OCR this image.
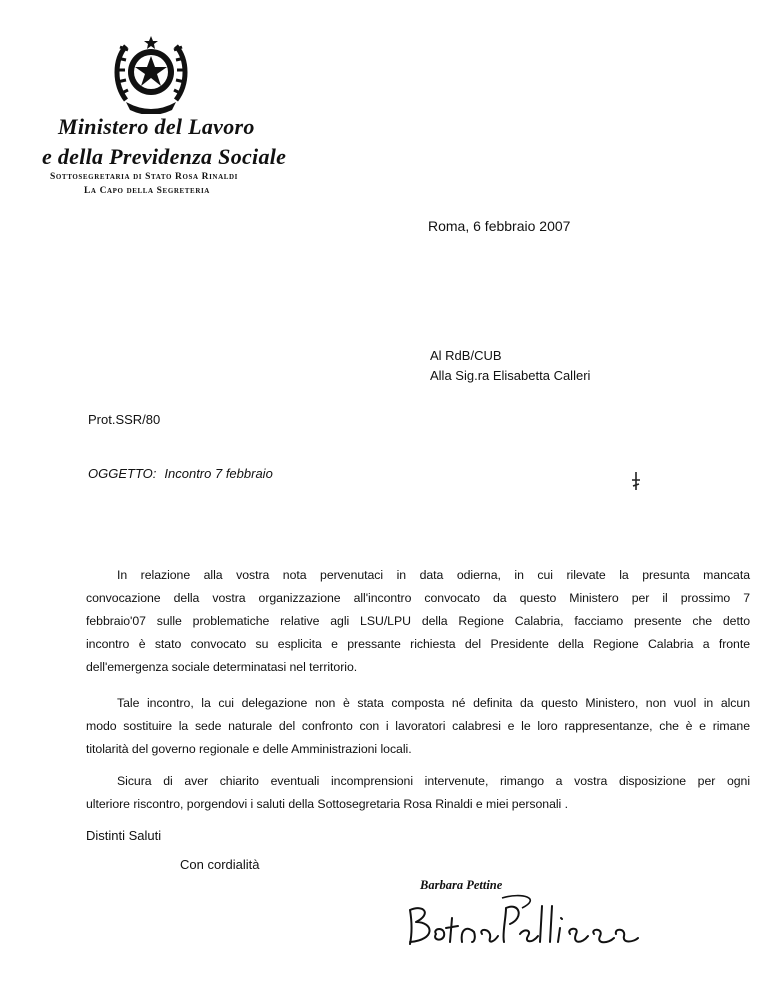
Ministero del Lavoro
e della Previdenza Sociale
Sottosegretaria di Stato Rosa Rinaldi
La Capo della Segreteria
Roma, 6 febbraio 2007
Al RdB/CUB
Alla Sig.ra Elisabetta Calleri
Prot.SSR/80
OGGETTO: Incontro 7 febbraio
In relazione alla vostra nota pervenutaci in data odierna, in cui rilevate la presunta mancata
convocazione della vostra organizzazione all'incontro convocato da questo Ministero per il prossimo 7
febbraio'07 sulle problematiche relative agli LSU/LPU della Regione Calabria, facciamo presente che detto
incontro è stato convocato su esplicita e pressante richiesta del Presidente della Regione Calabria a fronte
dell'emergenza sociale determinatasi nel territorio.
Tale incontro, la cui delegazione non è stata composta né definita da questo Ministero, non vuol in alcun
modo sostituire la sede naturale del confronto con i lavoratori calabresi e le loro rappresentanze, che è e rimane
titolarità del governo regionale e delle Amministrazioni locali.
Sicura di aver chiarito eventuali incomprensioni intervenute, rimango a vostra disposizione per ogni
ulteriore riscontro, porgendovi i saluti della Sottosegretaria Rosa Rinaldi e miei personali .
Distinti Saluti
Con cordialità
Barbara Pettine
